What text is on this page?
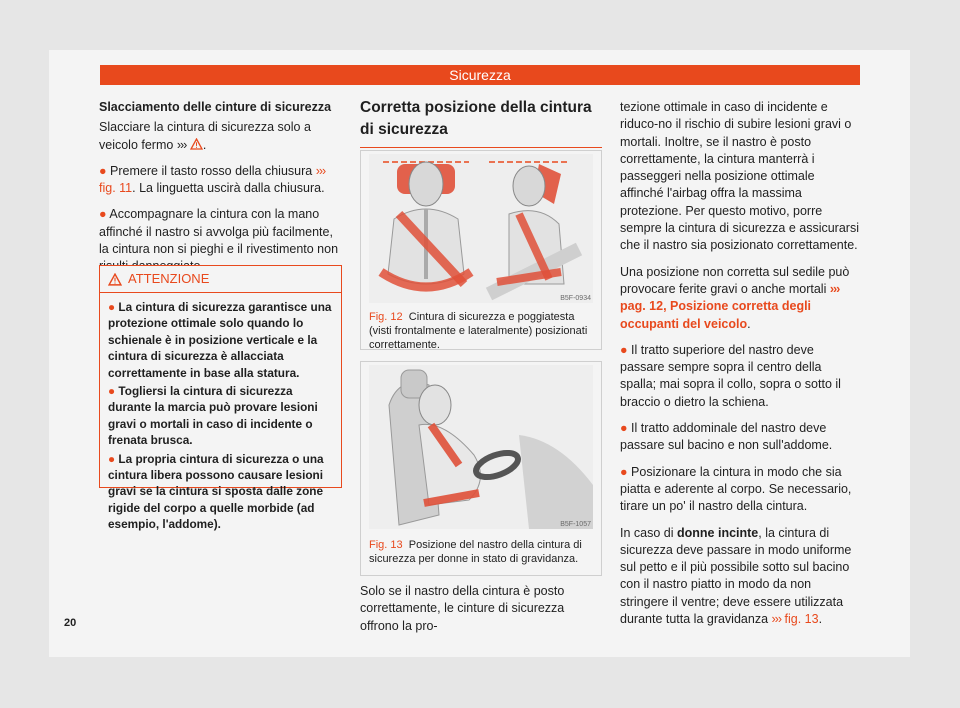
Sicurezza
Slacciamento delle cinture di sicurezza

Slacciare la cintura di sicurezza solo a veicolo fermo ››› .

● Premere il tasto rosso della chiusura ››› fig. 11. La linguetta uscirà dalla chiusura.

● Accompagnare la cintura con la mano affinché il nastro si avvolga più facilmente, la cintura non si pieghi e il rivestimento non

ATTENZIONE

● La cintura di sicurezza garantisce una protezione ottimale solo quando lo schienale è in posizione verticale e la cintura di sicurezza è allacciata correttamente in base alla statura.

● Togliersi la cintura di sicurezza durante la marcia può provare lesioni gravi o mortali in caso di incidente o frenata brusca.

● La propria cintura di sicurezza o una cintura libera possono causare lesioni gravi se la cintura si sposta dalle zone rigide del corpo a quelle morbide (ad esempio, l'addome).

Corretta posizione della cintura di sicurezza
B5F-0934
Fig. 12 Cintura di sicurezza e poggiatesta (visti frontalmente e lateralmente) posizionati correttamente.
B5F-1057
Fig. 13 Posizione del nastro della cintura di sicurezza per donne in stato di gravidanza.
Solo se il nastro della cintura è posto correttamente, le cinture di sicurezza offrono la pro-

tezione ottimale in caso di incidente e riduco-no il rischio di subire lesioni gravi o mortali. Inoltre, se il nastro è posto correttamente, la cintura manterrà i passeggeri nella posizione ottimale affinché l'airbag offra la massima protezione. Per questo motivo, porre sempre la cintura di sicurezza e assicurarsi che il nastro sia posizionato correttamente.

Una posizione non corretta sul sedile può provocare ferite gravi o anche mortali ››› pag. 12, Posizione corretta degli occupanti del veicolo.

● Il tratto superiore del nastro deve passare sempre sopra il centro della spalla; mai sopra il collo, sopra o sotto il braccio o dietro la schiena.

● Il tratto addominale del nastro deve passare sul bacino e non sull'addome.

● Posizionare la cintura in modo che sia piatta e aderente al corpo. Se necessario, tirare un po' il nastro della cintura.

In caso di donne incinte, la cintura di sicurezza deve passare in modo uniforme sul petto e il più possibile sotto sul bacino con il nastro piatto in modo da non stringere il ventre; deve essere utilizzata durante tutta la gravidanza ››› fig. 13.

20
